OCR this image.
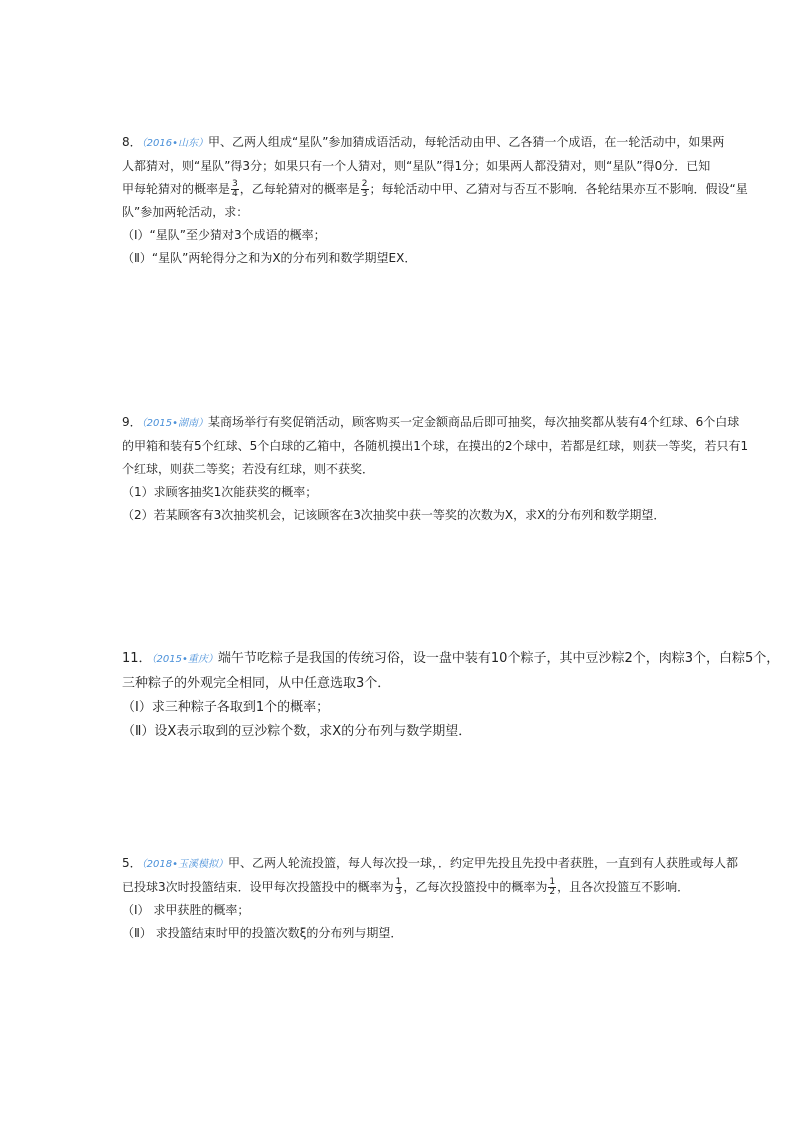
8．（2016•山东）甲、乙两人组成“星队”参加猜成语活动，每轮活动由甲、乙各猜一个成语，在一轮活动中，如果两
人都猜对，则“星队”得3分；如果只有一个人猜对，则“星队”得1分；如果两人都没猜对，则“星队”得0分．已知
甲每轮猜对的概率是 $\frac{3}{4}$ ，乙每轮猜对的概率是 $\frac{2}{3}$ ；每轮活动中甲、乙猜对与否互不影响．各轮结果亦互不影响．假设“星
队”参加两轮活动，求：
（Ⅰ）“星队”至少猜对3个成语的概率；
（Ⅱ）“星队”两轮得分之和为X的分布列和数学期望EX．
9．（2015•湖南）某商场举行有奖促销活动，顾客购买一定金额商品后即可抽奖，每次抽奖都从装有4个红球、6个白球
的甲箱和装有5个红球、5个白球的乙箱中，各随机摸出1个球，在摸出的2个球中，若都是红球，则获一等奖，若只有1
个红球，则获二等奖；若没有红球，则不获奖．
（1）求顾客抽奖1次能获奖的概率；
（2）若某顾客有3次抽奖机会，记该顾客在3次抽奖中获一等奖的次数为X，求X的分布列和数学期望．
11．（2015•重庆）端午节吃粽子是我国的传统习俗，设一盘中装有10个粽子，其中豆沙粽2个，肉粽3个，白粽5个，
三种粽子的外观完全相同，从中任意选取3个．
（Ⅰ）求三种粽子各取到1个的概率；
（Ⅱ）设X表示取到的豆沙粽个数，求X的分布列与数学期望．
5．（2018•玉溪模拟）甲、乙两人轮流投篮，每人每次投一球，．约定甲先投且先投中者获胜，一直到有人获胜或每人都
已投球3次时投篮结束．设甲每次投篮投中的概率为 $\frac{1}{3}$ ，乙每次投篮投中的概率为 $\frac{1}{2}$ ，且各次投篮互不影响．
（Ⅰ） 求甲获胜的概率；
（Ⅱ） 求投篮结束时甲的投篮次数ξ的分布列与期望．
